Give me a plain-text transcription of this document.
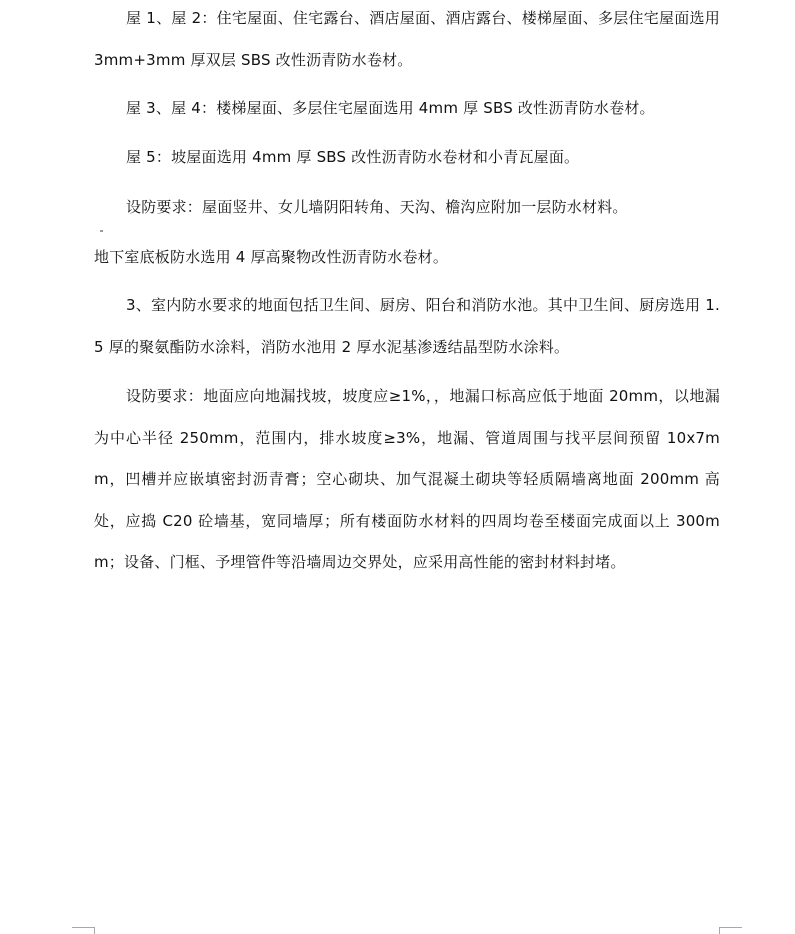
屋 1、屋 2：住宅屋面、住宅露台、酒店屋面、酒店露台、楼梯屋面、多层住宅屋面选用 3mm+3mm 厚双层 SBS 改性沥青防水卷材。

屋 3、屋 4：楼梯屋面、多层住宅屋面选用 4mm 厚 SBS 改性沥青防水卷材。

屋 5：坡屋面选用 4mm 厚 SBS 改性沥青防水卷材和小青瓦屋面。

设防要求：屋面竖井、女儿墙阴阳转角、天沟、檐沟应附加一层防水材料。

地下室底板防水选用 4 厚高聚物改性沥青防水卷材。

3、室内防水要求的地面包括卫生间、厨房、阳台和消防水池。其中卫生间、厨房选用 1.5 厚的聚氨酯防水涂料，消防水池用 2 厚水泥基渗透结晶型防水涂料。

设防要求：地面应向地漏找坡，坡度应≥1%，，地漏口标高应低于地面 20mm，以地漏为中心半径 250mm，范围内，排水坡度≥3%，地漏、管道周围与找平层间预留 10x7mm，凹槽并应嵌填密封沥青膏；空心砌块、加气混凝土砌块等轻质隔墙离地面 200mm 高处，应捣 C20 砼墙基，宽同墙厚；所有楼面防水材料的四周均卷至楼面完成面以上 300mm；设备、门框、予埋管件等沿墙周边交界处，应采用高性能的密封材料封堵。
